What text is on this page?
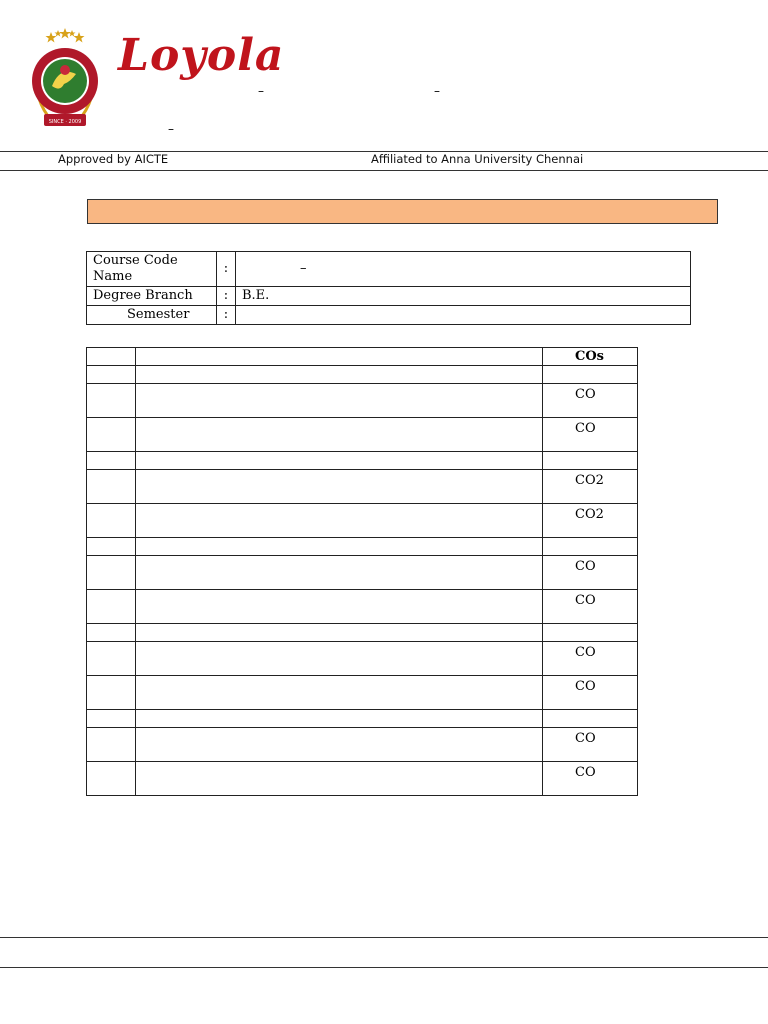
SINCE · 2009
Loyola
–	–
–
Approved by AICTE	Affiliated to Anna University Chennai
Course Code
Name	:	–
Degree Branch	:	B.E.
Semester	:	
		COs

		CO
		CO

		CO2
		CO2

		CO
		CO

		CO
		CO

		CO
		CO
